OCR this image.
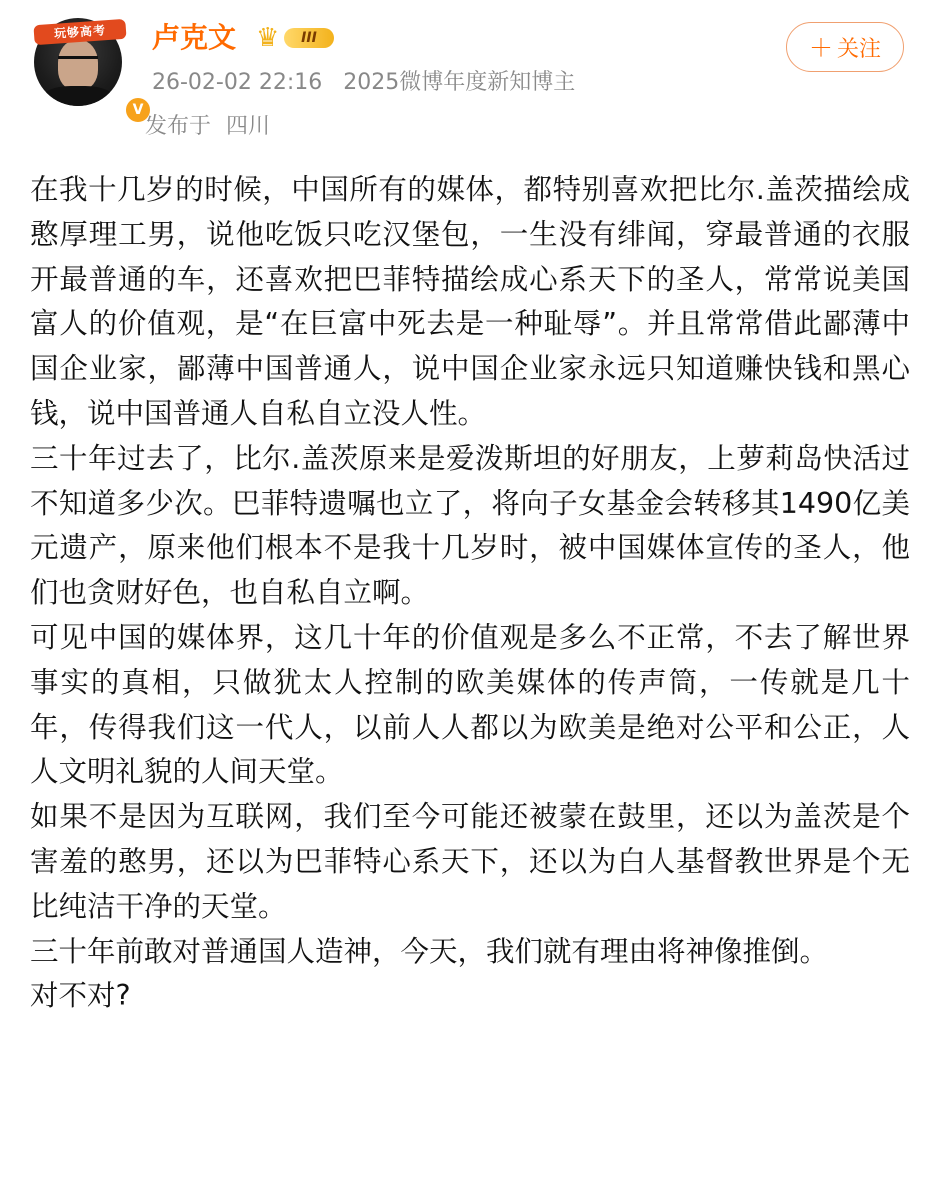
玩够高考
V
卢克文 ♛	III
26-02-02 22:16 2025微博年度新知博主
发布于 四川
＋ 关注

在我十几岁的时候，中国所有的媒体，都特别喜欢把比尔.盖茨描绘成憨厚理工男，说他吃饭只吃汉堡包，一生没有绯闻，穿最普通的衣服开最普通的车，还喜欢把巴菲特描绘成心系天下的圣人，常常说美国富人的价值观，是“在巨富中死去是一种耻辱”。并且常常借此鄙薄中国企业家，鄙薄中国普通人，说中国企业家永远只知道赚快钱和黑心钱，说中国普通人自私自立没人性。

三十年过去了，比尔.盖茨原来是爱泼斯坦的好朋友，上萝莉岛快活过不知道多少次。巴菲特遗嘱也立了，将向子女基金会转移其1490亿美元遗产，原来他们根本不是我十几岁时，被中国媒体宣传的圣人，他们也贪财好色，也自私自立啊。

可见中国的媒体界，这几十年的价值观是多么不正常，不去了解世界事实的真相，只做犹太人控制的欧美媒体的传声筒，一传就是几十年，传得我们这一代人，以前人人都以为欧美是绝对公平和公正，人人文明礼貌的人间天堂。

如果不是因为互联网，我们至今可能还被蒙在鼓里，还以为盖茨是个害羞的憨男，还以为巴菲特心系天下，还以为白人基督教世界是个无比纯洁干净的天堂。

三十年前敢对普通国人造神，今天，我们就有理由将神像推倒。

对不对?
